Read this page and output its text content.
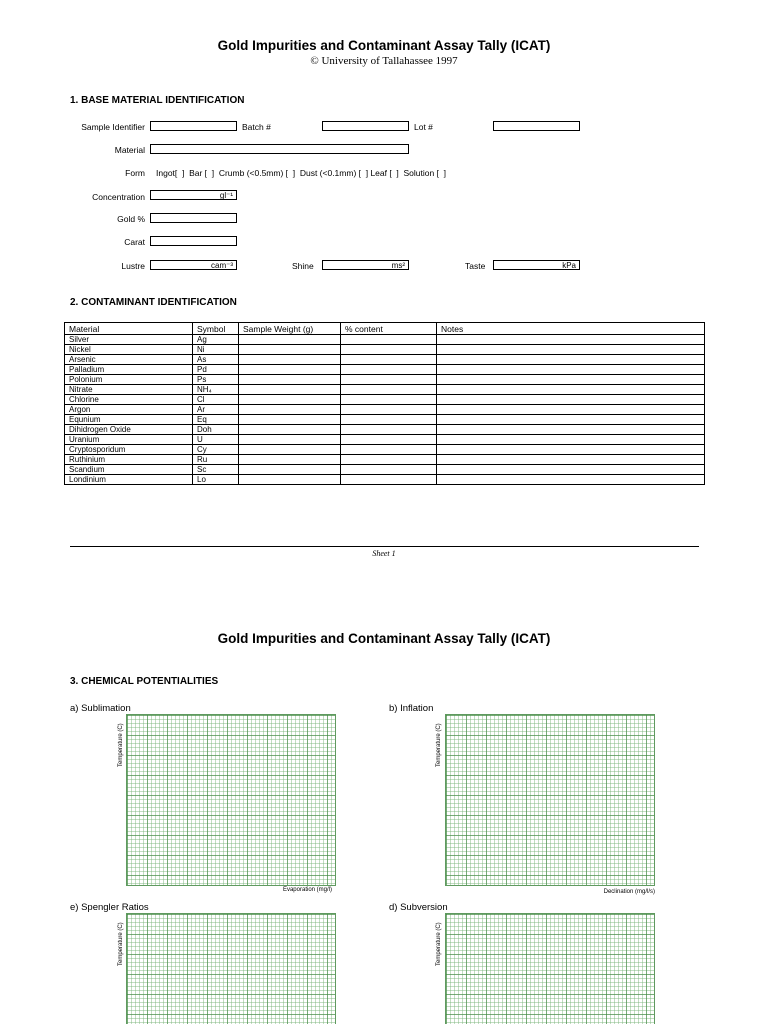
Gold Impurities and Contaminant Assay Tally (ICAT)
© University of Tallahassee 1997
1. BASE MATERIAL IDENTIFICATION
Sample Identifier	Batch #	Lot #
Material
Form Ingot[  ]  Bar [  ]  Crumb (<0.5mm) [  ]  Dust (<0.1mm) [  ] Leaf [  ]  Solution [  ]
Concentration	gl⁻¹
Gold %
Carat
Lustre	cam⁻³	Shine	ms²	Taste	kPa
2. CONTAMINANT IDENTIFICATION
Material	Symbol	Sample Weight (g)	% content	Notes
Silver	Ag			
Nickel	Ni			
Arsenic	As			
Palladium	Pd			
Polonium	Ps			
Nitrate	NH₄			
Chlorine	Cl			
Argon	Ar			
Equnium	Eq			
Dihidrogen Oxide	Doh			
Uranium	U			
Cryptosporidum	Cy			
Ruthinium	Ru			
Scandium	Sc			
Londinium	Lo			
Sheet 1
Gold Impurities and Contaminant Assay Tally (ICAT)
3. CHEMICAL POTENTIALITIES
a) Sublimation
Temperature (C)
Evaporation (mg/l)
b) Inflation
Temperature (C)
Declination (mg/l/s)
e) Spengler Ratios
Temperature (C)
d) Subversion
Temperature (C)
